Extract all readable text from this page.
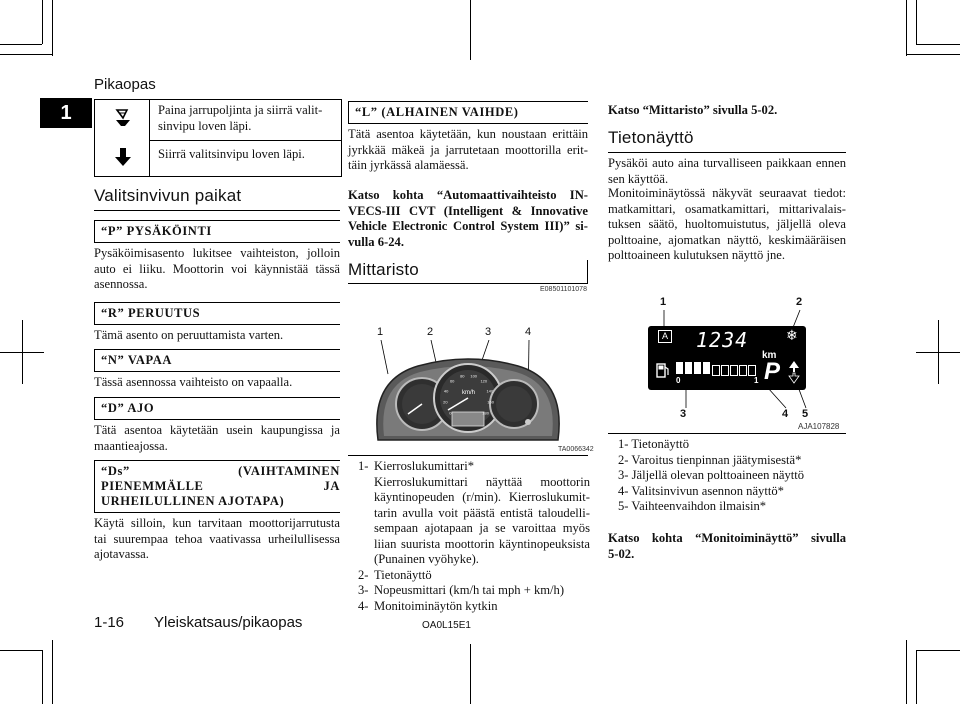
Pikaopas
1	Paina jarrupoljinta ja siirrä valitsinvipu loven läpi.
Siirrä valitsinvipu loven läpi.
Valitsinvivun paikat
“P” PYSÄKÖINTI
Pysäköimisasento lukitsee vaihteiston, jolloin auto ei liiku. Moottorin voi käynnistää tässä asennossa.
“R” PERUUTUS
Tämä asento on peruuttamista varten.
“N” VAPAA
Tässä asennossa vaihteisto on vapaalla.
“D” AJO
Tätä asentoa käytetään usein kaupungissa ja maantieajossa.
“Ds” (VAIHTAMINEN PIENEMMÄLLE JA URHEILULLINEN AJOTAPA)
Käytä silloin, kun tarvitaan moottorijarrutusta tai suurempaa tehoa vaativassa urheilullisessa ajotavassa.
1-16 Yleiskatsaus/pikaopas	OA0L15E1
“L” (ALHAINEN VAIHDE)
Tätä asentoa käytetään, kun noustaan erittäin jyrkkää mäkeä ja jarrutetaan moottorilla erittäin jyrkässä alamäessä.
Katso kohta “Automaattivaihteisto INVECS-III CVT (Intelligent & Innovative Vehicle Electronic Control System III)” sivulla 6-24.
Mittaristo
E08501101078
1	2	3	4
km/h
0
20
40
60
80 100
120
140
160
180
TA0066342
1- Kierroslukumittari*
Kierroslukumittari näyttää moottorin käyntinopeuden (r/min). Kierroslukumittarin avulla voit päästä entistä taloudellisempaan ajotapaan ja se varoittaa myös liian suurista moottorin käyntinopeuksista (Punainen vyöhyke).
2- Tietonäyttö
3- Nopeusmittari (km/h tai mph + km/h)
4- Monitoiminäytön kytkin
Katso “Mittaristo” sivulla 5-02.
Tietonäyttö
Pysäköi auto aina turvalliseen paikkaan ennen sen käyttöä.
Monitoiminäytössä näkyvät seuraavat tiedot: matkamittari, osamatkamittari, mittarivalaistuksen säätö, huoltomuistutus, jäljellä oleva polttoaine, ajomatkan näyttö, keskimääräisen polttoaineen kulutuksen näyttö jne.
1	2
A 1234
km
❄
0	1 P
3	4 5
AJA107828
1- Tietonäyttö
2- Varoitus tienpinnan jäätymisestä*
3- Jäljellä olevan polttoaineen näyttö
4- Valitsinvivun asennon näyttö*
5- Vaihteenvaihdon ilmaisin*
Katso kohta “Monitoiminäyttö” sivulla 5-02.
